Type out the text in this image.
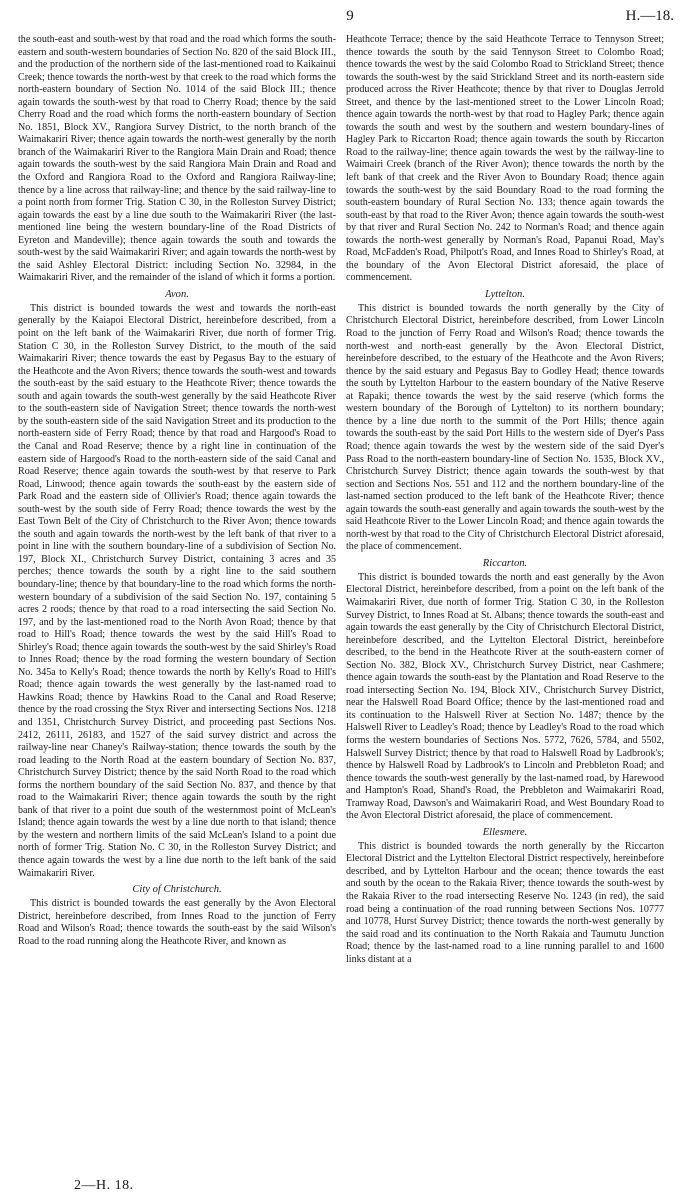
9	H.—18.

the south-east and south-west by that road and the road which forms the south-eastern and south-western boundaries of Section No. 820 of the said Block III., and the production of the northern side of the last-mentioned road to Kaikainui Creek; thence towards the north-west by that creek to the road which forms the north-eastern boundary of Section No. 1014 of the said Block III.; thence again towards the south-west by that road to Cherry Road; thence by the said Cherry Road and the road which forms the north-eastern boundary of Section No. 1851, Block XV., Rangiora Survey District, to the north branch of the Waimakariri River; thence again towards the north-west generally by the north branch of the Waimakariri River to the Rangiora Main Drain and Road; thence again towards the south-west by the said Rangiora Main Drain and Road and the Oxford and Rangiora Road to the Oxford and Rangiora Railway-line; thence by a line across that railway-line; and thence by the said railway-line to a point north from former Trig. Station C 30, in the Rolleston Survey District; again towards the east by a line due south to the Waimakariri River (the last-mentioned line being the western boundary-line of the Road Districts of Eyreton and Mandeville); thence again towards the south and towards the south-west by the said Waimakariri River; and again towards the north-west by the said Ashley Electoral District: including Section No. 32984, in the Waimakariri River, and the remainder of the island of which it forms a portion.

Avon.

This district is bounded towards the west and towards the north-east generally by the Kaiapoi Electoral District, hereinbefore described, from a point on the left bank of the Waimakariri River, due north of former Trig. Station C 30, in the Rolleston Survey District, to the mouth of the said Waimakariri River; thence towards the east by Pegasus Bay to the estuary of the Heathcote and the Avon Rivers; thence towards the south-west and towards the south-east by the said estuary to the Heathcote River; thence towards the south and again towards the south-west generally by the said Heathcote River to the south-eastern side of Navigation Street; thence towards the north-west by the south-eastern side of the said Navigation Street and its production to the north-eastern side of Ferry Road; thence by that road and Hargood's Road to the Canal and Road Reserve; thence by a right line in continuation of the eastern side of Hargood's Road to the north-eastern side of the said Canal and Road Reserve; thence again towards the south-west by that reserve to Park Road, Linwood; thence again towards the south-east by the eastern side of Park Road and the eastern side of Ollivier's Road; thence again towards the south-west by the south side of Ferry Road; thence towards the west by the East Town Belt of the City of Christchurch to the River Avon; thence towards the south and again towards the north-west by the left bank of that river to a point in line with the southern boundary-line of a subdivision of Section No. 197, Block XI., Christchurch Survey District, containing 3 acres and 35 perches; thence towards the south by a right line to the said southern boundary-line; thence by that boundary-line to the road which forms the north-western boundary of a subdivision of the said Section No. 197, containing 5 acres 2 roods; thence by that road to a road intersecting the said Section No. 197, and by the last-mentioned road to the North Avon Road; thence by that road to Hill's Road; thence towards the west by the said Hill's Road to Shirley's Road; thence again towards the south-west by the said Shirley's Road to Innes Road; thence by the road forming the western boundary of Section No. 345a to Kelly's Road; thence towards the north by Kelly's Road to Hill's Road; thence again towards the west generally by the last-named road to Hawkins Road; thence by Hawkins Road to the Canal and Road Reserve; thence by the road crossing the Styx River and intersecting Sections Nos. 1218 and 1351, Christchurch Survey District, and proceeding past Sections Nos. 2412, 26111, 26183, and 1527 of the said survey district and across the railway-line near Chaney's Railway-station; thence towards the south by the road leading to the North Road at the eastern boundary of Section No. 837, Christchurch Survey District; thence by the said North Road to the road which forms the northern boundary of the said Section No. 837, and thence by that road to the Waimakariri River; thence again towards the south by the right bank of that river to a point due south of the westernmost point of McLean's Island; thence again towards the west by a line due north to that island; thence by the western and northern limits of the said McLean's Island to a point due north of former Trig. Station No. C 30, in the Rolleston Survey District; and thence again towards the west by a line due north to the left bank of the said Waimakariri River.

City of Christchurch.

This district is bounded towards the east generally by the Avon Electoral District, hereinbefore described, from Innes Road to the junction of Ferry Road and Wilson's Road; thence towards the south-east by the said Wilson's Road to the road running along the Heathcote River, and known as

Heathcote Terrace; thence by the said Heathcote Terrace to Tennyson Street; thence towards the south by the said Tennyson Street to Colombo Road; thence towards the west by the said Colombo Road to Strickland Street; thence towards the south-west by the said Strickland Street and its north-eastern side produced across the River Heathcote; thence by that river to Douglas Jerrold Street, and thence by the last-mentioned street to the Lower Lincoln Road; thence again towards the north-west by that road to Hagley Park; thence again towards the south and west by the southern and western boundary-lines of Hagley Park to Riccarton Road; thence again towards the south by Riccarton Road to the railway-line; thence again towards the west by the railway-line to Waimairi Creek (branch of the River Avon); thence towards the north by the left bank of that creek and the River Avon to Boundary Road; thence again towards the south-west by the said Boundary Road to the road forming the south-eastern boundary of Rural Section No. 133; thence again towards the south-east by that road to the River Avon; thence again towards the south-west by that river and Rural Section No. 242 to Norman's Road; and thence again towards the north-west generally by Norman's Road, Papanui Road, May's Road, McFadden's Road, Philpott's Road, and Innes Road to Shirley's Road, at the boundary of the Avon Electoral District aforesaid, the place of commencement.

Lyttelton.

This district is bounded towards the north generally by the City of Christchurch Electoral District, hereinbefore described, from Lower Lincoln Road to the junction of Ferry Road and Wilson's Road; thence towards the north-west and north-east generally by the Avon Electoral District, hereinbefore described, to the estuary of the Heathcote and the Avon Rivers; thence by the said estuary and Pegasus Bay to Godley Head; thence towards the south by Lyttelton Harbour to the eastern boundary of the Native Reserve at Rapaki; thence towards the west by the said reserve (which forms the western boundary of the Borough of Lyttelton) to its northern boundary; thence by a line due north to the summit of the Port Hills; thence again towards the south-east by the said Port Hills to the western side of Dyer's Pass Road; thence again towards the west by the western side of the said Dyer's Pass Road to the north-eastern boundary-line of Section No. 1535, Block XV., Christchurch Survey District; thence again towards the south-west by that section and Sections Nos. 551 and 112 and the northern boundary-line of the last-named section produced to the left bank of the Heathcote River; thence again towards the south-east generally and again towards the south-west by the said Heathcote River to the Lower Lincoln Road; and thence again towards the north-west by that road to the City of Christchurch Electoral District aforesaid, the place of commencement.

Riccarton.

This district is bounded towards the north and east generally by the Avon Electoral District, hereinbefore described, from a point on the left bank of the Waimakariri River, due north of former Trig. Station C 30, in the Rolleston Survey District, to Innes Road at St. Albans; thence towards the south-east and again towards the east generally by the City of Christchurch Electoral District, hereinbefore described, and the Lyttelton Electoral District, hereinbefore described, to the bend in the Heathcote River at the south-eastern corner of Section No. 382, Block XV., Christchurch Survey District, near Cashmere; thence again towards the south-east by the Plantation and Road Reserve to the road intersecting Section No. 194, Block XIV., Christchurch Survey District, near the Halswell Road Board Office; thence by the last-mentioned road and its continuation to the Halswell River at Section No. 1487; thence by the Halswell River to Leadley's Road; thence by Leadley's Road to the road which forms the western boundaries of Sections Nos. 5772, 7626, 5784, and 5502, Halswell Survey District; thence by that road to Halswell Road by Ladbrook's; thence by Halswell Road by Ladbrook's to Lincoln and Prebbleton Road; and thence towards the south-west generally by the last-named road, by Harewood and Hampton's Road, Shand's Road, the Prebbleton and Waimakariri Road, Tramway Road, Dawson's and Waimakariri Road, and West Boundary Road to the Avon Electoral District aforesaid, the place of commencement.

Ellesmere.

This district is bounded towards the north generally by the Riccarton Electoral District and the Lyttelton Electoral District respectively, hereinbefore described, and by Lyttelton Harbour and the ocean; thence towards the east and south by the ocean to the Rakaia River; thence towards the south-west by the Rakaia River to the road intersecting Reserve No. 1243 (in red), the said road being a continuation of the road running between Sections Nos. 10777 and 10778, Hurst Survey District; thence towards the north-west generally by the said road and its continuation to the North Rakaia and Taumutu Junction Road; thence by the last-named road to a line running parallel to and 1600 links distant at a

2—H. 18.
